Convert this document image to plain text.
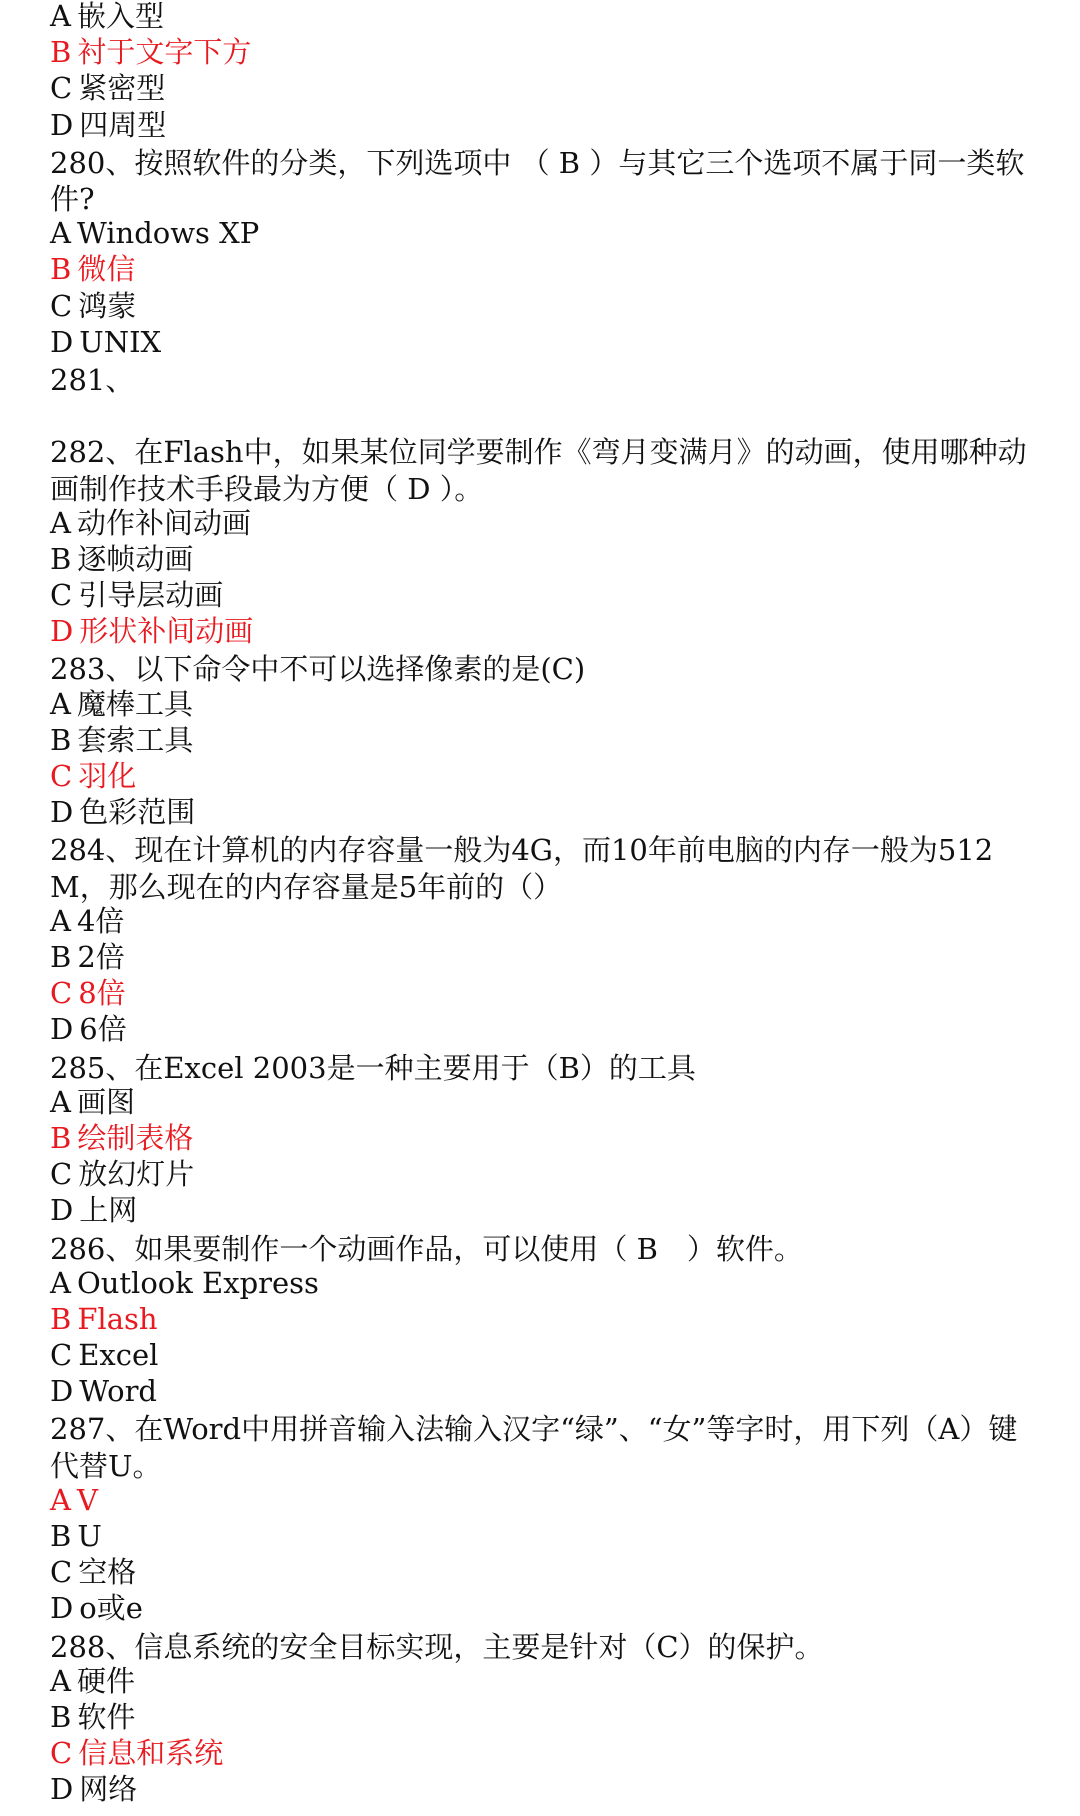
A 嵌入型
B 衬于文字下方
C 紧密型
D 四周型
280、按照软件的分类，下列选项中 （ B ）与其它三个选项不属于同一类软件?
A Windows XP
B 微信
C 鸿蒙
D UNIX
281、
282、在Flash中，如果某位同学要制作《弯月变满月》的动画，使用哪种动画制作技术手段最为方便（ D ）。
A 动作补间动画
B 逐帧动画
C 引导层动画
D 形状补间动画
283、以下命令中不可以选择像素的是(C)
A 魔棒工具
B 套索工具
C 羽化
D 色彩范围
284、现在计算机的内存容量一般为4G，而10年前电脑的内存一般为512M，那么现在的内存容量是5年前的（）
A 4倍
B 2倍
C 8倍
D 6倍
285、在Excel 2003是一种主要用于（B）的工具
A 画图
B 绘制表格
C 放幻灯片
D 上网
286、如果要制作一个动画作品，可以使用（ B　）软件。
A Outlook Express
B Flash
C Excel
D Word
287、在Word中用拼音输入法输入汉字“绿”、“女”等字时，用下列（A）键代替U。
A V
B U
C 空格
D o或e
288、信息系统的安全目标实现，主要是针对（C）的保护。
A 硬件
B 软件
C 信息和系统
D 网络
